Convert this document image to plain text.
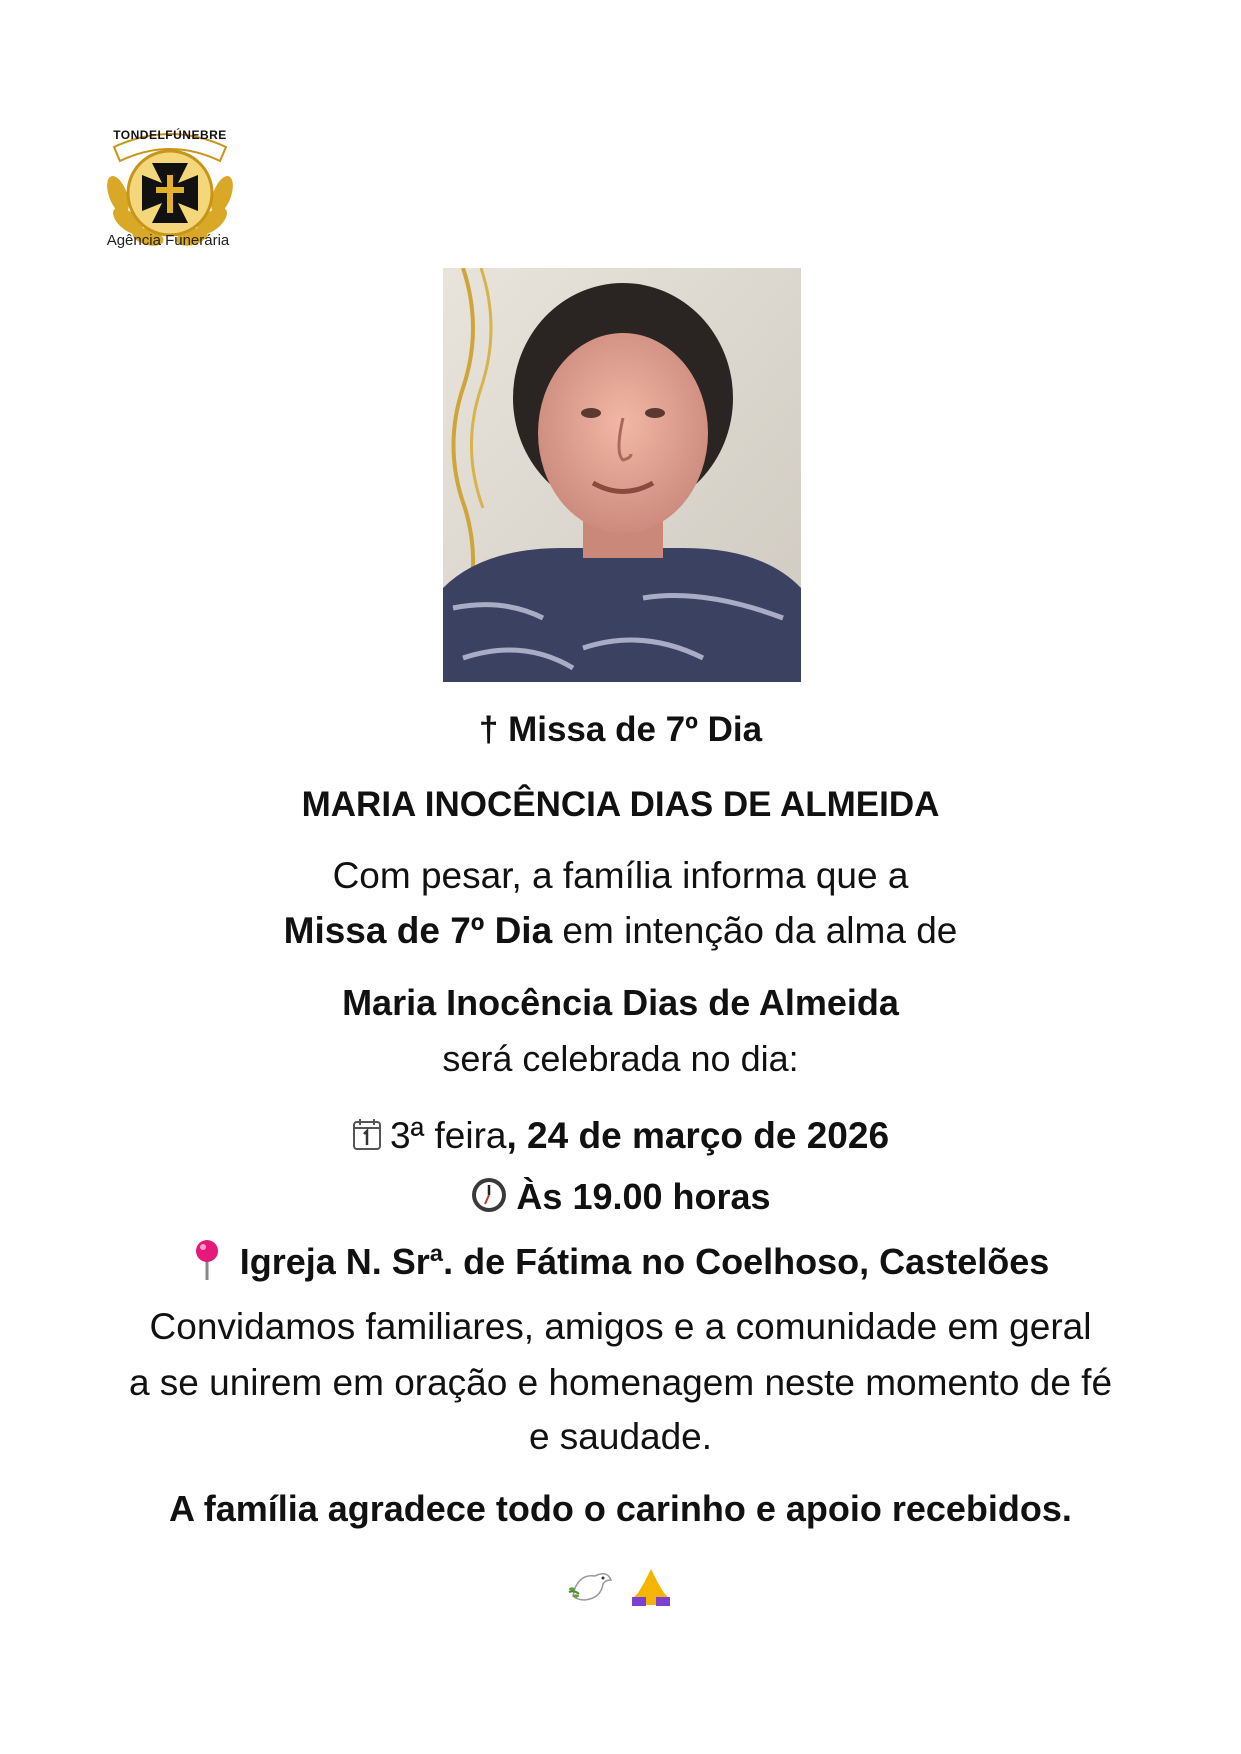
TONDELFÚNEBRE
Agência Funerária
† Missa de 7º Dia
MARIA INOCÊNCIA DIAS DE ALMEIDA
Com pesar, a família informa que a
Missa de 7º Dia em intenção da alma de
Maria Inocência Dias de Almeida
será celebrada no dia:
3ª feira, 24 de março de 2026
Às 19.00 horas
Igreja N. Srª. de Fátima no Coelhoso, Castelões
Convidamos familiares, amigos e a comunidade em geral
a se unirem em oração e homenagem neste momento de fé
e saudade.
A família agradece todo o carinho e apoio recebidos.
